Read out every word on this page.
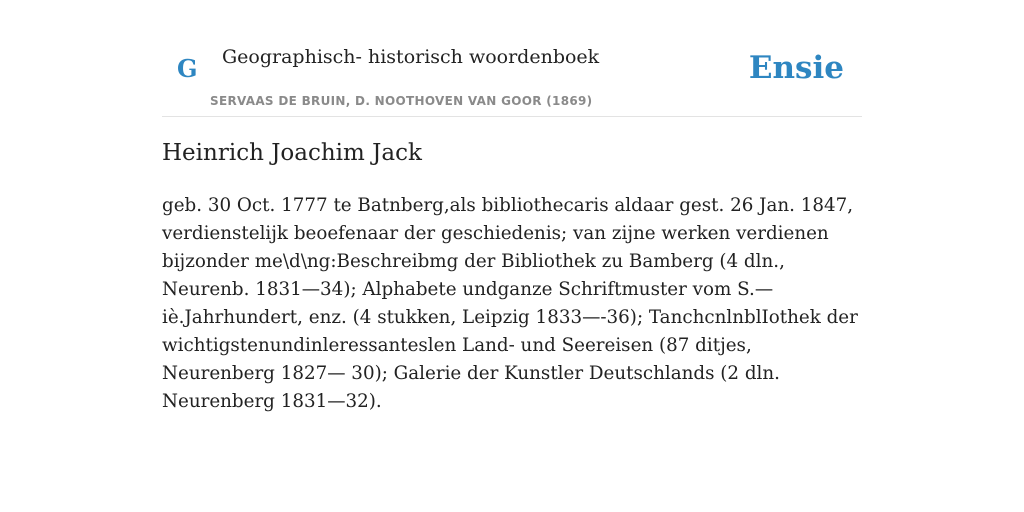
G Geographisch- historisch woordenboek
SERVAAS DE BRUIN, D. NOOTHOVEN VAN GOOR (1869)
Ensie
Heinrich Joachim Jack

geb. 30 Oct. 1777 te Batnberg,als bibliothecaris aldaar gest. 26 Jan. 1847, verdienstelijk beoefenaar der geschiedenis; van zijne werken verdienen bijzonder me\d\ng:Beschreibmg der Bibliothek zu Bamberg (4 dln., Neurenb. 1831—34); Alphabete undganze Schriftmuster vom S.—iè.Jahrhundert, enz. (4 stukken, Leipzig 1833—-36); TanchcnlnblIothek der wichtigstenundinleressanteslen Land- und Seereisen (87 ditjes, Neurenberg 1827— 30); Galerie der Kunstler Deutschlands (2 dln. Neurenberg 1831—32).
